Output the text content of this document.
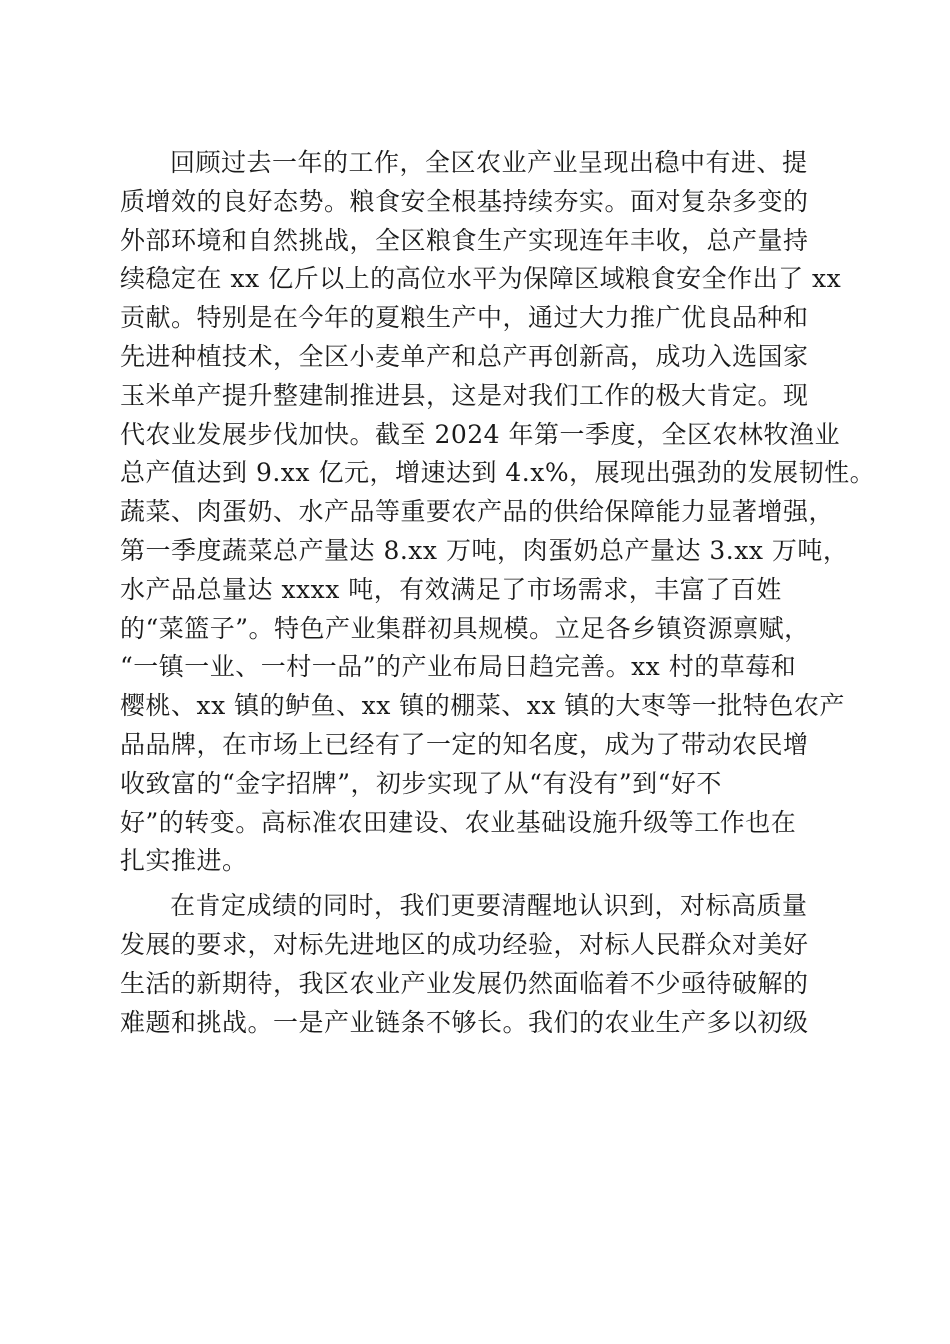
回顾过去一年的工作，全区农业产业呈现出稳中有进、提
质增效的良好态势。粮食安全根基持续夯实。面对复杂多变的
外部环境和自然挑战，全区粮食生产实现连年丰收，总产量持
续稳定在 xx 亿斤以上的高位水平为保障区域粮食安全作出了 xx
贡献。特别是在今年的夏粮生产中，通过大力推广优良品种和
先进种植技术，全区小麦单产和总产再创新高，成功入选国家
玉米单产提升整建制推进县，这是对我们工作的极大肯定。现
代农业发展步伐加快。截至 2024 年第一季度，全区农林牧渔业
总产值达到 9.xx 亿元，增速达到 4.x%，展现出强劲的发展韧性。
蔬菜、肉蛋奶、水产品等重要农产品的供给保障能力显著增强，
第一季度蔬菜总产量达 8.xx 万吨，肉蛋奶总产量达 3.xx 万吨，
水产品总量达 xxxx 吨，有效满足了市场需求，丰富了百姓
的“菜篮子”。特色产业集群初具规模。立足各乡镇资源禀赋，
“一镇一业、一村一品”的产业布局日趋完善。xx 村的草莓和
樱桃、xx 镇的鲈鱼、xx 镇的棚菜、xx 镇的大枣等一批特色农产
品品牌，在市场上已经有了一定的知名度，成为了带动农民增
收致富的“金字招牌”，初步实现了从“有没有”到“好不
好”的转变。高标准农田建设、农业基础设施升级等工作也在
扎实推进。
在肯定成绩的同时，我们更要清醒地认识到，对标高质量
发展的要求，对标先进地区的成功经验，对标人民群众对美好
生活的新期待，我区农业产业发展仍然面临着不少亟待破解的
难题和挑战。一是产业链条不够长。我们的农业生产多以初级
